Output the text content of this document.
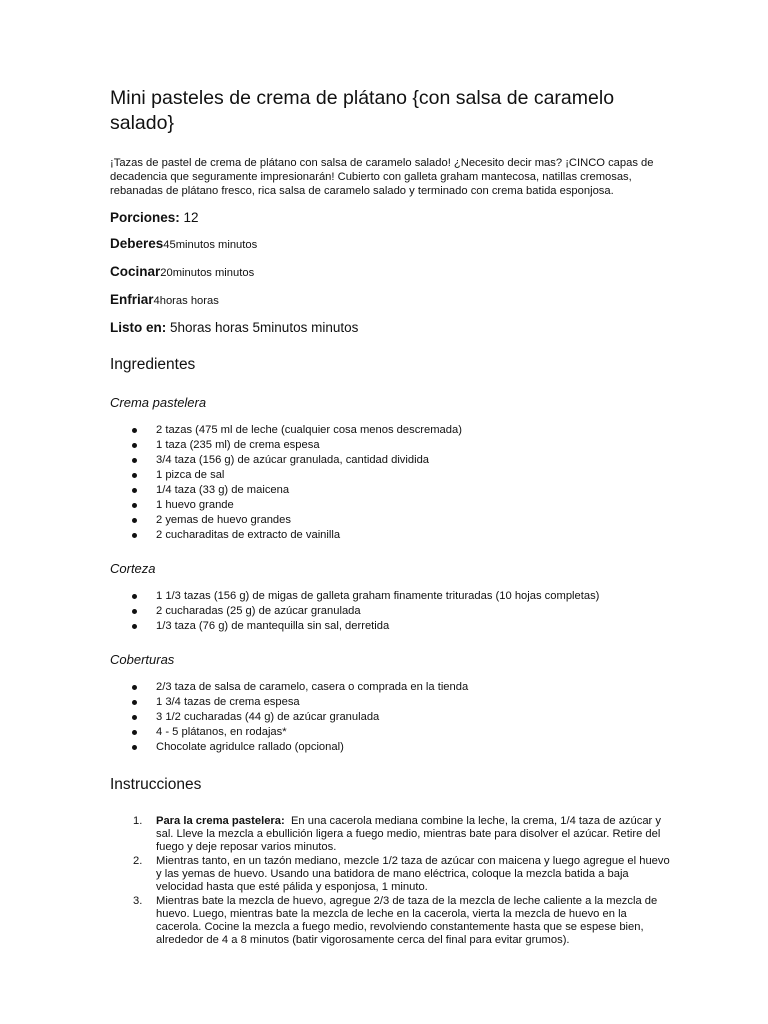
Mini pasteles de crema de plátano {con salsa de caramelo salado}

¡Tazas de pastel de crema de plátano con salsa de caramelo salado! ¿Necesito decir mas? ¡CINCO capas de decadencia que seguramente impresionarán! Cubierto con galleta graham mantecosa, natillas cremosas, rebanadas de plátano fresco, rica salsa de caramelo salado y terminado con crema batida esponjosa.

Porciones: 12
Deberes45minutos minutos
Cocinar20minutos minutos
Enfriar4horas horas
Listo en: 5horas horas 5minutos minutos
Ingredientes
Crema pastelera
2 tazas (475 ml de leche (cualquier cosa menos descremada)
1 taza (235 ml) de crema espesa
3/4 taza (156 g) de azúcar granulada, cantidad dividida
1 pizca de sal
1/4 taza (33 g) de maicena
1 huevo grande
2 yemas de huevo grandes
2 cucharaditas de extracto de vainilla
Corteza
1 1/3 tazas (156 g) de migas de galleta graham finamente trituradas (10 hojas completas)
2 cucharadas (25 g) de azúcar granulada
1/3 taza (76 g) de mantequilla sin sal, derretida
Coberturas
2/3 taza de salsa de caramelo, casera o comprada en la tienda
1 3/4 tazas de crema espesa
3 1/2 cucharadas (44 g) de azúcar granulada
4 - 5 plátanos, en rodajas*
Chocolate agridulce rallado (opcional)
Instrucciones
1. Para la crema pastelera:  En una cacerola mediana combine la leche, la crema, 1/4 taza de azúcar y sal. Lleve la mezcla a ebullición ligera a fuego medio, mientras bate para disolver el azúcar. Retire del fuego y deje reposar varios minutos.
2. Mientras tanto, en un tazón mediano, mezcle 1/2 taza de azúcar con maicena y luego agregue el huevo y las yemas de huevo. Usando una batidora de mano eléctrica, coloque la mezcla batida a baja velocidad hasta que esté pálida y esponjosa, 1 minuto.
3. Mientras bate la mezcla de huevo, agregue 2/3 de taza de la mezcla de leche caliente a la mezcla de huevo. Luego, mientras bate la mezcla de leche en la cacerola, vierta la mezcla de huevo en la cacerola. Cocine la mezcla a fuego medio, revolviendo constantemente hasta que se espese bien, alrededor de 4 a 8 minutos (batir vigorosamente cerca del final para evitar grumos).
